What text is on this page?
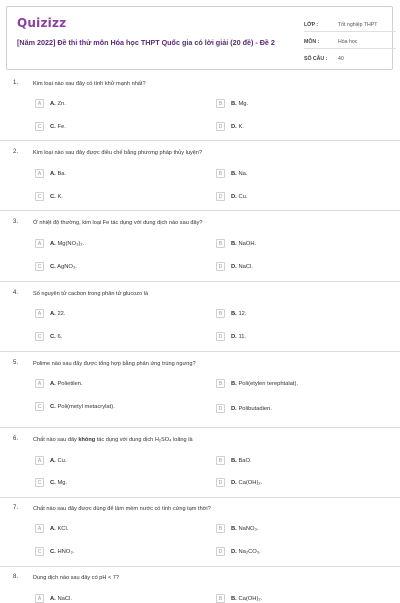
Quizizz
[Năm 2022] Đề thi thử môn Hóa học THPT Quốc gia có lời giải (20 đề) - Đề 2
LỚP :	Tốt nghiệp THPT
MÔN :	Hóa học
SỐ CÂU :	40
1.	Kim loại nào sau đây có tính khử mạnh nhất?
A	A. Zn.	B	B. Mg.
C	C. Fe.	D	D. K.
2.	Kim loại nào sau đây được điều chế bằng phương pháp thủy luyện?
A	A. Ba.	B	B. Na.
C	C. K.	D	D. Cu.
3.	Ở nhiệt độ thường, kim loại Fe tác dụng với dung dịch nào sau đây?
A	A. Mg(NO₃)₂.	B	B. NaOH.
C	C. AgNO₃.	D	D. NaCl.
4.	Số nguyên tử cacbon trong phân tử glucozo là
A	A. 22.	B	B. 12.
C	C. 6.	D	D. 11.
5.	Polime nào sau đây được tổng hợp bằng phản ứng trùng ngưng?
A	A. Polietilen.	B	B. Poli(etylen terephtalat).
C	C. Poli(metyl metacrylat).	D	D. Polibutadien.
6.	Chất nào sau đây không tác dụng với dung dịch H₂SO₄ loãng là
A	A. Cu.	B	B. BaO.
C	C. Mg.	D	D. Ca(OH)₂.
7.	Chất nào sau đây được dùng để làm mềm nước có tính cứng tạm thời?
A	A. KCl.	B	B. NaNO₃.
C	C. HNO₃.	D	D. Na₂CO₃.
8.	Dung dịch nào sau đây có pH < 7?
A	A. NaCl.	B	B. Ca(OH)₂.
